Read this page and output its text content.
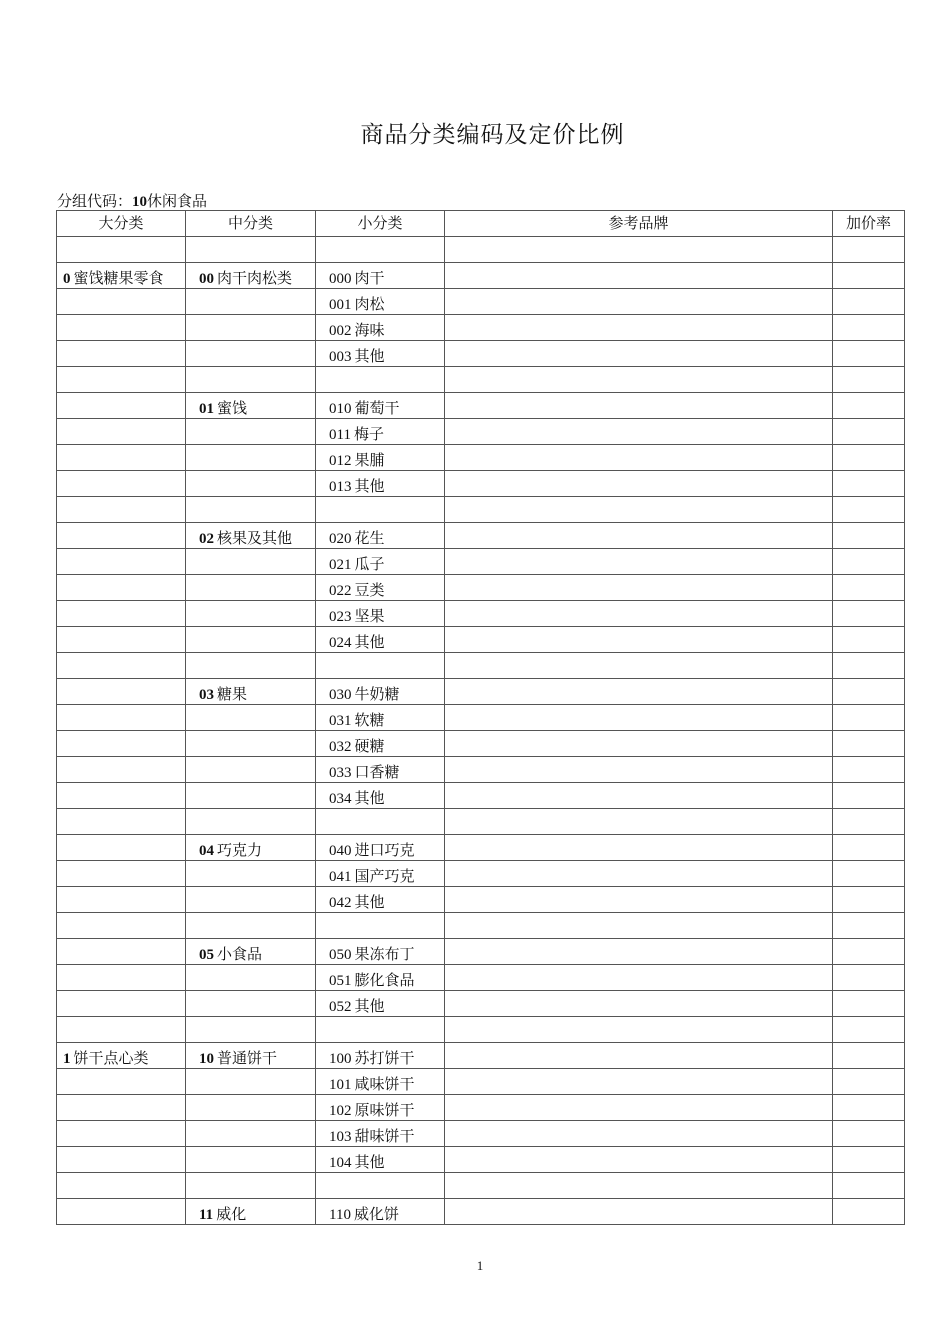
商品分类编码及定价比例
分组代码：10休闲食品
大分类	中分类	小分类	参考品牌	加价率

0 蜜饯糖果零食	00 肉干肉松类	000 肉干		
		001 肉松		
		002 海味		
		003 其他		

	01 蜜饯	010 葡萄干		
		011 梅子		
		012 果脯		
		013 其他		

	02 核果及其他	020 花生		
		021 瓜子		
		022 豆类		
		023 坚果		
		024 其他		

	03 糖果	030 牛奶糖		
		031 软糖		
		032 硬糖		
		033 口香糖		
		034 其他		

	04 巧克力	040 进口巧克		
		041 国产巧克		
		042 其他		

	05 小食品	050 果冻布丁		
		051 膨化食品		
		052 其他		

1 饼干点心类	10 普通饼干	100 苏打饼干		
		101 咸味饼干		
		102 原味饼干		
		103 甜味饼干		
		104 其他		

	11 威化	110 威化饼		
1
